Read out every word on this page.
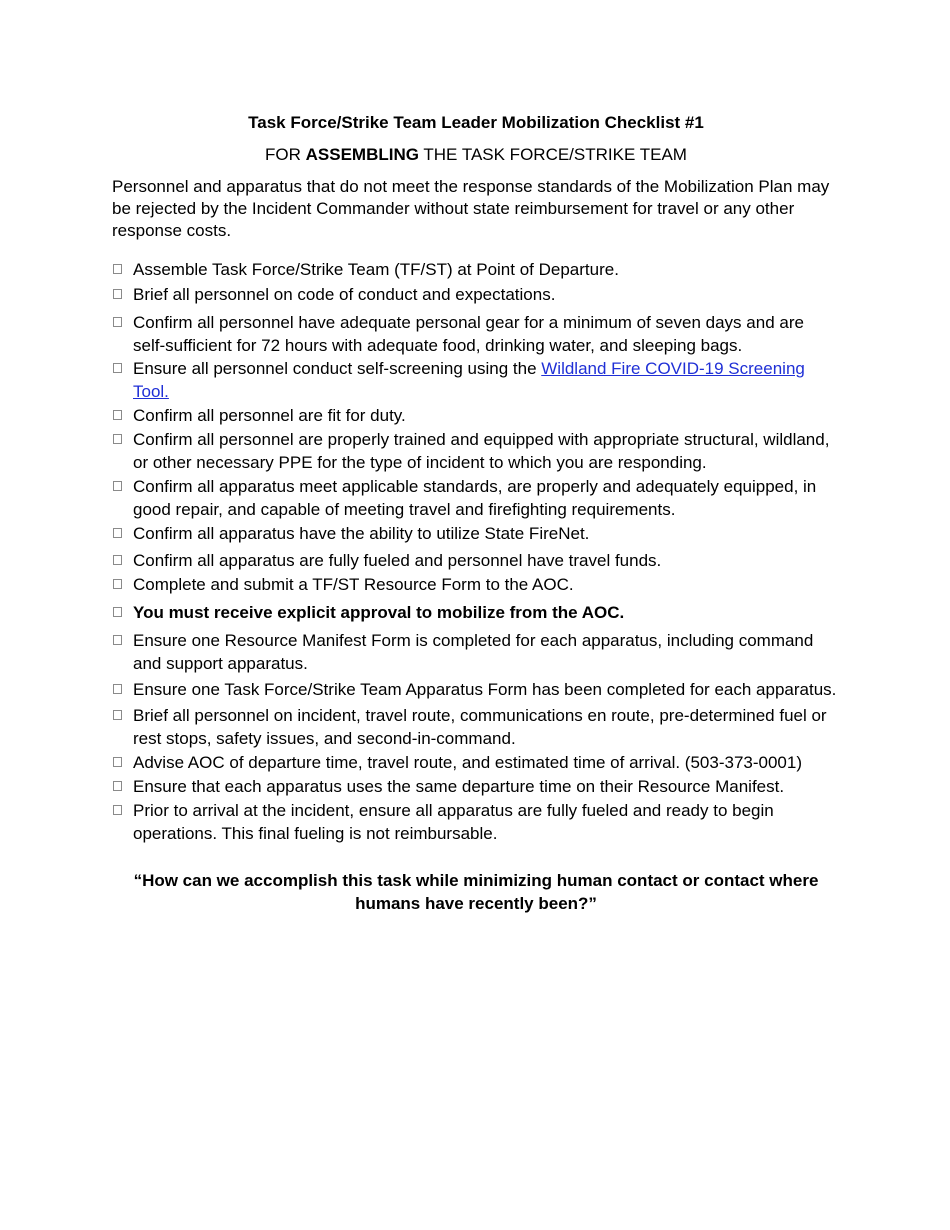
Task Force/Strike Team Leader Mobilization Checklist #1

FOR ASSEMBLING THE TASK FORCE/STRIKE TEAM

Personnel and apparatus that do not meet the response standards of the Mobilization Plan may be rejected by the Incident Commander without state reimbursement for travel or any other response costs.

Assemble Task Force/Strike Team (TF/ST) at Point of Departure.
Brief all personnel on code of conduct and expectations.
Confirm all personnel have adequate personal gear for a minimum of seven days and are self-sufficient for 72 hours with adequate food, drinking water, and sleeping bags.
Ensure all personnel conduct self-screening using the Wildland Fire COVID-19 Screening Tool.
Confirm all personnel are fit for duty.
Confirm all personnel are properly trained and equipped with appropriate structural, wildland, or other necessary PPE for the type of incident to which you are responding.
Confirm all apparatus meet applicable standards, are properly and adequately equipped, in good repair, and capable of meeting travel and firefighting requirements.
Confirm all apparatus have the ability to utilize State FireNet.
Confirm all apparatus are fully fueled and personnel have travel funds.
Complete and submit a TF/ST Resource Form to the AOC.
You must receive explicit approval to mobilize from the AOC.
Ensure one Resource Manifest Form is completed for each apparatus, including command and support apparatus.
Ensure one Task Force/Strike Team Apparatus Form has been completed for each apparatus.
Brief all personnel on incident, travel route, communications en route, pre-determined fuel or rest stops, safety issues, and second-in-command.
Advise AOC of departure time, travel route, and estimated time of arrival. (503-373-0001)
Ensure that each apparatus uses the same departure time on their Resource Manifest.
Prior to arrival at the incident, ensure all apparatus are fully fueled and ready to begin operations. This final fueling is not reimbursable.

“How can we accomplish this task while minimizing human contact or contact where humans have recently been?”
